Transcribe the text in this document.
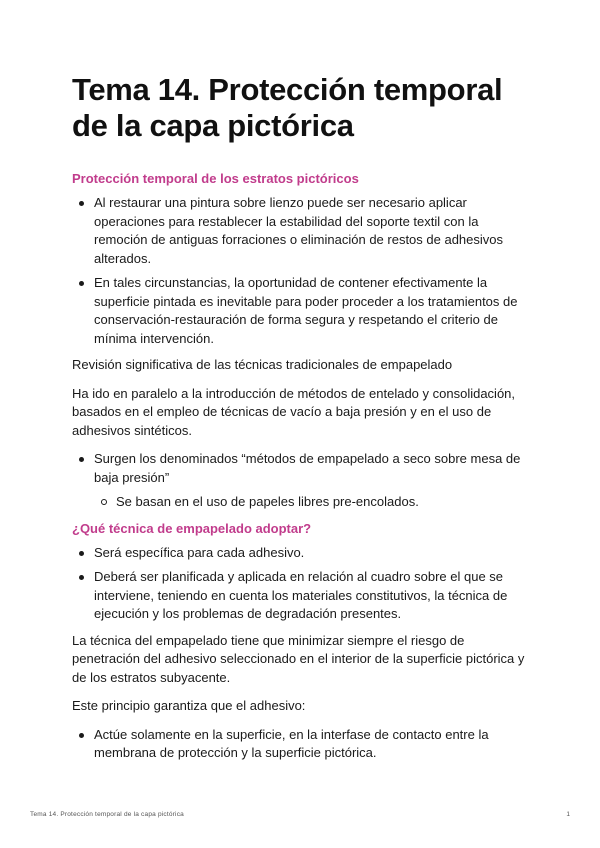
Tema 14. Protección temporal de la capa pictórica
Protección temporal de los estratos pictóricos
Al restaurar una pintura sobre lienzo puede ser necesario aplicar operaciones para restablecer la estabilidad del soporte textil con la remoción de antiguas forraciones o eliminación de restos de adhesivos alterados.
En tales circunstancias, la oportunidad de contener efectivamente la superficie pintada es inevitable para poder proceder a los tratamientos de conservación-restauración de forma segura y respetando el criterio de mínima intervención.

Revisión significativa de las técnicas tradicionales de empapelado

Ha ido en paralelo a la introducción de métodos de entelado y consolidación, basados en el empleo de técnicas de vacío a baja presión y en el uso de adhesivos sintéticos.

Surgen los denominados “métodos de empapelado a seco sobre mesa de baja presión”
Se basan en el uso de papeles libres pre-encolados.
¿Qué técnica de empapelado adoptar?
Será específica para cada adhesivo.
Deberá ser planificada y aplicada en relación al cuadro sobre el que se interviene, teniendo en cuenta los materiales constitutivos, la técnica de ejecución y los problemas de degradación presentes.

La técnica del empapelado tiene que minimizar siempre el riesgo de penetración del adhesivo seleccionado en el interior de la superficie pictórica y de los estratos subyacente.

Este principio garantiza que el adhesivo:

Actúe solamente en la superficie, en la interfase de contacto entre la membrana de protección y la superficie pictórica.
Tema 14. Protección temporal de la capa pictórica	1
